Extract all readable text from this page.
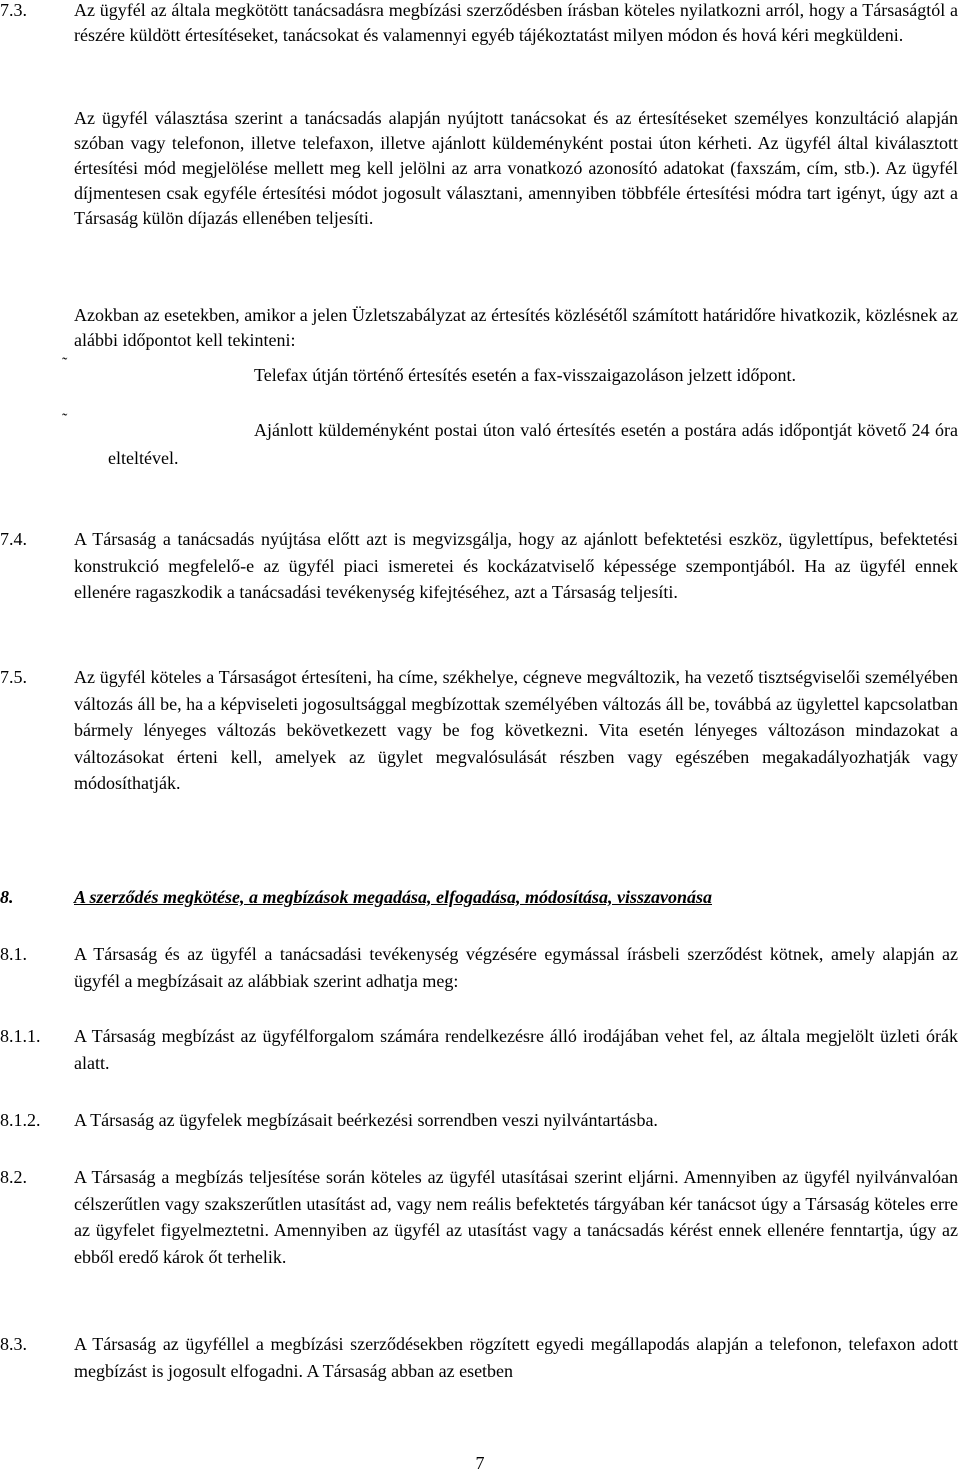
7.3.	Az ügyfél az általa megkötött tanácsadásra megbízási szerződésben írásban köteles nyilatkozni arról, hogy a Társaságtól a részére küldött értesítéseket, tanácsokat és valamennyi egyéb tájékoztatást milyen módon és hová kéri megküldeni.

Az ügyfél választása szerint a tanácsadás alapján nyújtott tanácsokat és az értesítéseket személyes konzultáció alapján szóban vagy telefonon, illetve telefaxon, illetve ajánlott küldeményként postai úton kérheti. Az ügyfél által kiválasztott értesítési mód megjelölése mellett meg kell jelölni az arra vonatkozó azonosító adatokat (faxszám, cím, stb.). Az ügyfél díjmentesen csak egyféle értesítési módot jogosult választani, amennyiben többféle értesítési módra tart igényt, úgy azt a Társaság külön díjazás ellenében teljesíti.

Azokban az esetekben, amikor a jelen Üzletszabályzat az értesítés közlésétől számított határidőre hivatkozik, közlésnek az alábbi időpontot kell tekinteni:

˜

Telefax útján történő értesítés esetén a fax-visszaigazoláson jelzett időpont.

˜

Ajánlott küldeményként postai úton való értesítés esetén a postára adás időpontját követő 24 óra elteltével.

7.4.	A Társaság a tanácsadás nyújtása előtt azt is megvizsgálja, hogy az ajánlott befektetési eszköz, ügylettípus, befektetési konstrukció megfelelő-e az ügyfél piaci ismeretei és kockázatviselő képessége szempontjából. Ha az ügyfél ennek ellenére ragaszkodik a tanácsadási tevékenység kifejtéséhez, azt a Társaság teljesíti.

7.5.	Az ügyfél köteles a Társaságot értesíteni, ha címe, székhelye, cégneve megváltozik, ha vezető tisztségviselői személyében változás áll be, ha a képviseleti jogosultsággal megbízottak személyében változás áll be, továbbá az ügylettel kapcsolatban bármely lényeges változás bekövetkezett vagy be fog következni. Vita esetén lényeges változáson mindazokat a változásokat érteni kell, amelyek az ügylet megvalósulását részben vagy egészében megakadályozhatják vagy módosíthatják.

8.	A szerződés megkötése, a megbízások megadása, elfogadása, módosítása, visszavonása
8.1.	A Társaság és az ügyfél a tanácsadási tevékenység végzésére egymással írásbeli szerződést kötnek, amely alapján az ügyfél a megbízásait az alábbiak szerint adhatja meg:

8.1.1. A Társaság megbízást az ügyfélforgalom számára rendelkezésre álló irodájában vehet fel, az általa megjelölt üzleti órák alatt.

8.1.2. A Társaság az ügyfelek megbízásait beérkezési sorrendben veszi nyilvántartásba.

8.2.	A Társaság a megbízás teljesítése során köteles az ügyfél utasításai szerint eljárni. Amennyiben az ügyfél nyilvánvalóan célszerűtlen vagy szakszerűtlen utasítást ad, vagy nem reális befektetés tárgyában kér tanácsot úgy a Társaság köteles erre az ügyfelet figyelmeztetni. Amennyiben az ügyfél az utasítást vagy a tanácsadás kérést ennek ellenére fenntartja, úgy az ebből eredő károk őt terhelik.

8.3.	A Társaság az ügyféllel a megbízási szerződésekben rögzített egyedi megállapodás alapján a telefonon, telefaxon adott megbízást is jogosult elfogadni. A Társaság abban az esetben

7
